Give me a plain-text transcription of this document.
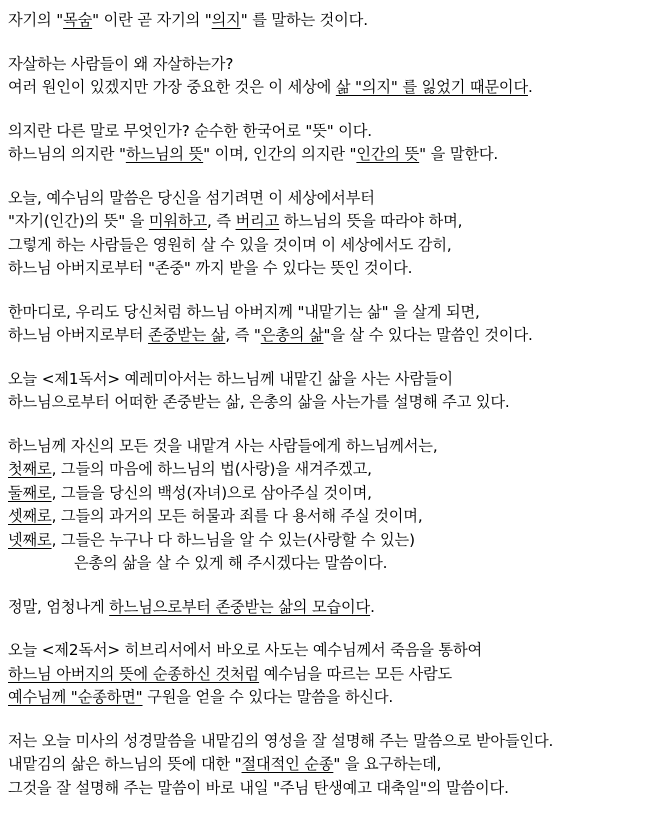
자기의 "목숨" 이란 곧 자기의 "의지" 를 말하는 것이다.
자살하는 사람들이 왜 자살하는가?
여러 원인이 있겠지만 가장 중요한 것은 이 세상에 삶 "의지" 를 잃었기 때문이다.
의지란 다른 말로 무엇인가? 순수한 한국어로 "뜻" 이다.
하느님의 의지란 "하느님의 뜻" 이며, 인간의 의지란 "인간의 뜻" 을 말한다.
오늘, 예수님의 말씀은 당신을 섬기려면 이 세상에서부터
"자기(인간)의 뜻" 을 미워하고, 즉 버리고 하느님의 뜻을 따라야 하며,
그렇게 하는 사람들은 영원히 살 수 있을 것이며 이 세상에서도 감히,
하느님 아버지로부터 "존중" 까지 받을 수 있다는 뜻인 것이다.
한마디로, 우리도 당신처럼 하느님 아버지께 "내맡기는 삶" 을 살게 되면,
하느님 아버지로부터 존중받는 삶, 즉 "은총의 삶"을 살 수 있다는 말씀인 것이다.
오늘 <제1독서> 예레미아서는 하느님께 내맡긴 삶을 사는 사람들이
하느님으로부터 어떠한 존중받는 삶, 은총의 삶을 사는가를 설명해 주고 있다.
하느님께 자신의 모든 것을 내맡겨 사는 사람들에게 하느님께서는,
첫째로, 그들의 마음에 하느님의 법(사랑)을 새겨주겠고,
둘째로, 그들을 당신의 백성(자녀)으로 삼아주실 것이며,
셋째로, 그들의 과거의 모든 허물과 죄를 다 용서해 주실 것이며,
넷째로, 그들은 누구나 다 하느님을 알 수 있는(사랑할 수 있는)
은총의 삶을 살 수 있게 해 주시겠다는 말씀이다.
정말, 엄청나게 하느님으로부터 존중받는 삶의 모습이다.
오늘 <제2독서> 히브리서에서 바오로 사도는 예수님께서 죽음을 통하여
하느님 아버지의 뜻에 순종하신 것처럼 예수님을 따르는 모든 사람도
예수님께 "순종하면" 구원을 얻을 수 있다는 말씀을 하신다.
저는 오늘 미사의 성경말씀을 내맡김의 영성을 잘 설명해 주는 말씀으로 받아들인다.
내맡김의 삶은 하느님의 뜻에 대한 "절대적인 순종" 을 요구하는데,
그것을 잘 설명해 주는 말씀이 바로 내일 "주님 탄생예고 대축일"의 말씀이다.
